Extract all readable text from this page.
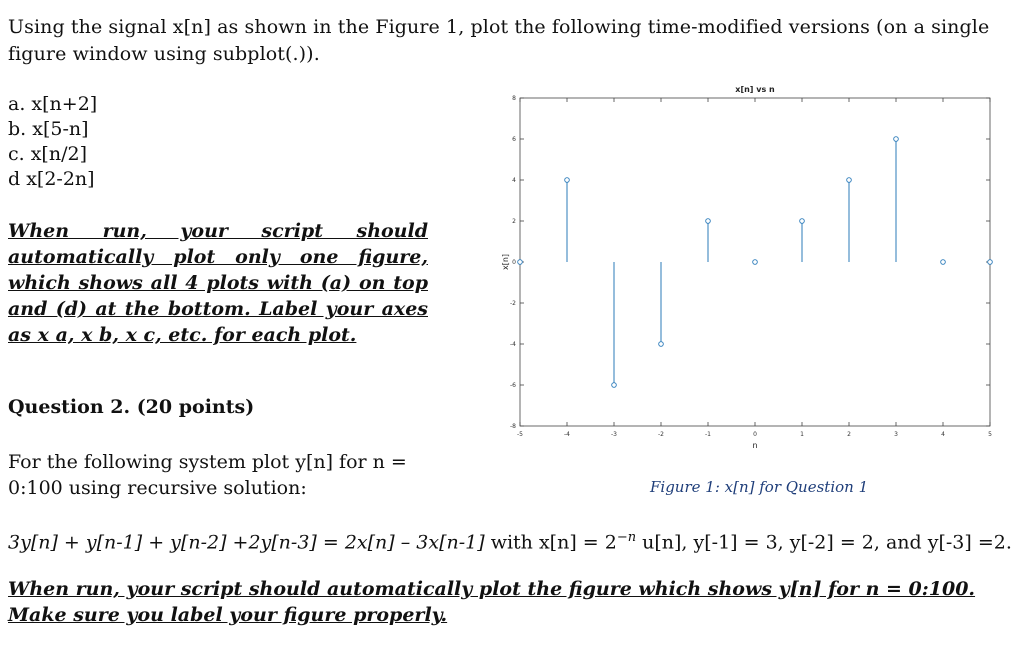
Using the signal x[n] as shown in the Figure 1, plot the following time-modified versions (on a single figure window using subplot(.)).
a. x[n+2]
b. x[5-n]
c. x[n/2]
d x[2-2n]
When run, your script should automatically plot only one figure, which shows all 4 plots with (a) on top and (d) at the bottom. Label your axes as x a, x b, x c, etc. for each plot.
Question 2. (20 points)
For the following system plot y[n] for n = 0:100 using recursive solution:
x[n] vs n
n
x[n]
-5	-4	-3	-2	-1	0	1	2	3	4	5
-8
-6
-4
-2
0
2
4
6
8
Figure 1: x[n] for Question 1
3y[n] + y[n-1] + y[n-2] +2y[n-3] = 2x[n] – 3x[n-1] with $x[n] = 2^{-n}$ u[n], y[-1] = 3, y[-2] = 2, and y[-3] =2.
When run, your script should automatically plot the figure which shows y[n] for n = 0:100. Make sure you label your figure properly.
